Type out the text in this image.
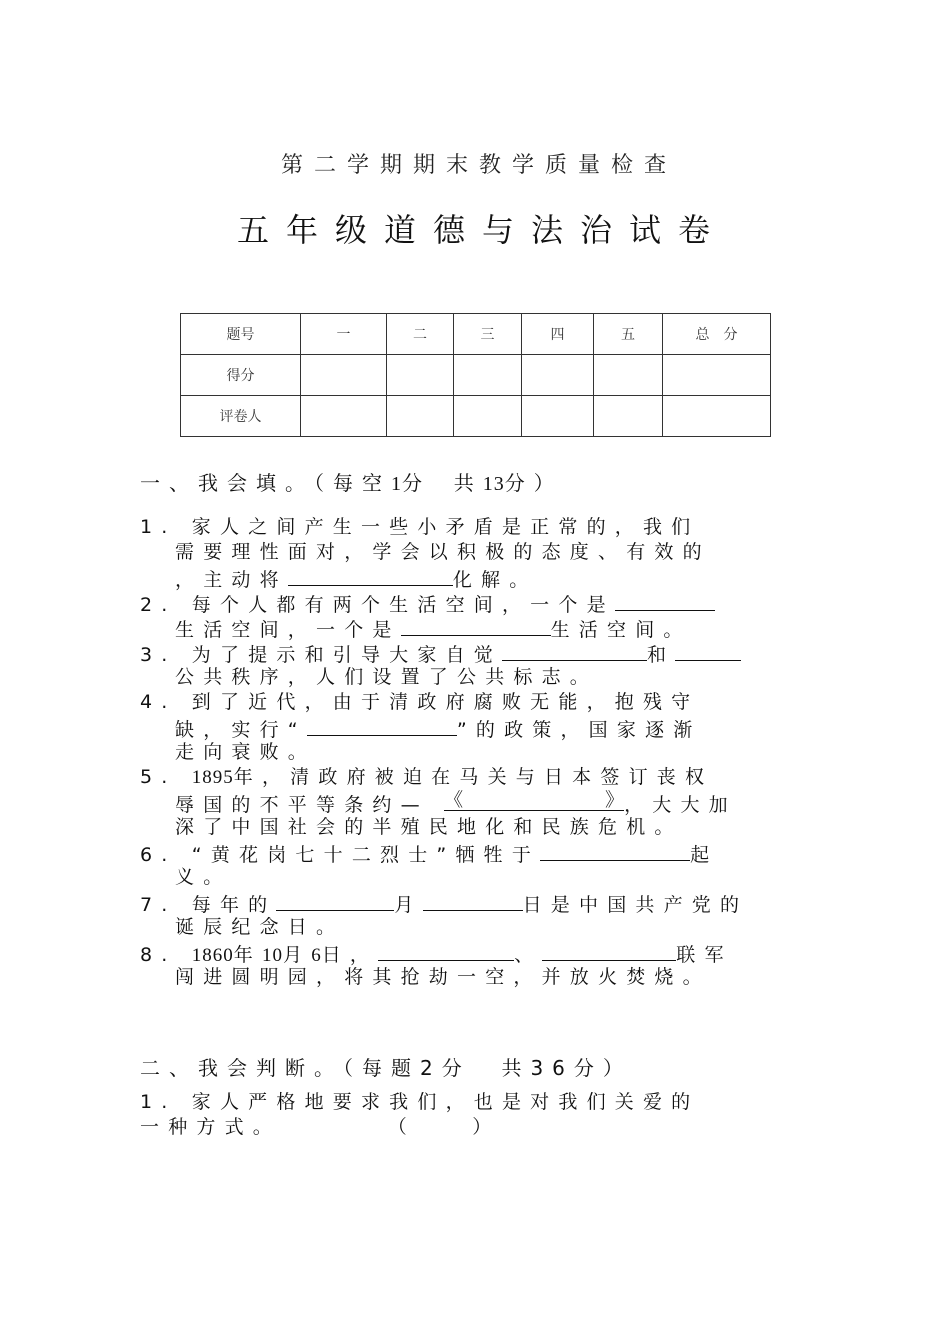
第二学期期末教学质量检查
五年级道德与法治试卷
题号	一	二	三	四	五	总　分
得分						
评卷人						
一、我会填。（每空1分 共13分）
1. 家人之间产生一些小矛盾是正常的，我们
需要理性面对，学会以积极的态度、有效的
，主动将	化解。
2. 每个人都有两个生活空间，一个是
生活空间，一个是	生活空间。
3. 为了提示和引导大家自觉	和
公共秩序，人们设置了公共标志。
4. 到了近代，由于清政府腐败无能，抱残守
缺，实行“	”的政策，国家逐渐
走向衰败。
5. 1895年，清政府被迫在马关与日本签订丧权
辱国的不平等条约— 《	》 ，大大加
深了中国社会的半殖民地化和民族危机。
6. “黄花岗七十二烈士”牺牲于	起
义。
7. 每年的	月	日是中国共产党的
诞辰纪念日。
8. 1860年10月6日，	、	联军
闯进圆明园，将其抢劫一空，并放火焚烧。
二、我会判断。（每题2分 共36分）
1. 家人严格地要求我们，也是对我们关爱的
一种方式。	（　　）
